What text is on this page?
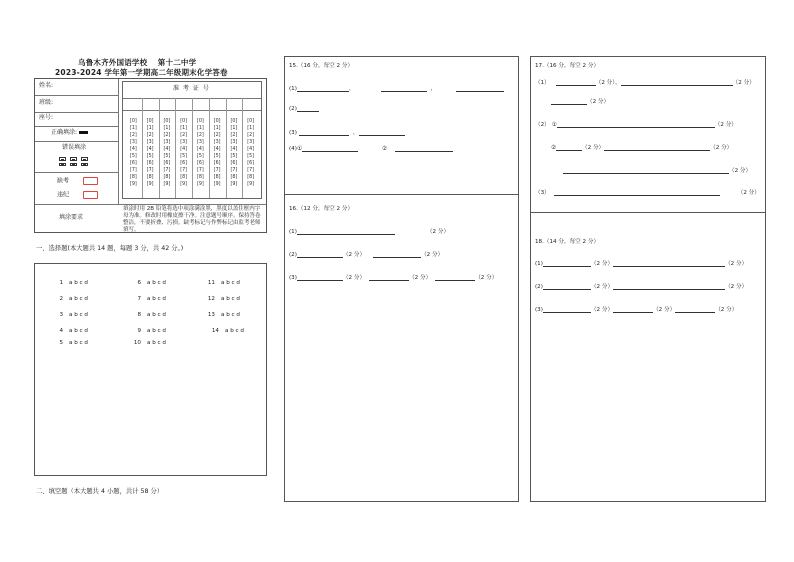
乌鲁木齐外国语学校　 第十二中学
2023-2024 学年第一学期高二年级期末化学答卷
姓名:
班级:
座号:
正确填涂:
错误填涂
缺考
违纪
填涂要求
填涂时用 2B 铅笔将选中项涂满涂黑，黑度以盖住框内字母为准。修改时用橡皮擦干净。注意题号顺序。保持答卷整洁，不要折叠、污损。缺考标记与作弊标记由监考老师填写。
准 考 证 号
[0]
[1]
[2]
[3]
[4]
[5]
[6]
[7]
[8]
[9]
[0]
[1]
[2]
[3]
[4]
[5]
[6]
[7]
[8]
[9]
[0]
[1]
[2]
[3]
[4]
[5]
[6]
[7]
[8]
[9]
[0]
[1]
[2]
[3]
[4]
[5]
[6]
[7]
[8]
[9]
[0]
[1]
[2]
[3]
[4]
[5]
[6]
[7]
[8]
[9]
[0]
[1]
[2]
[3]
[4]
[5]
[6]
[7]
[8]
[9]
[0]
[1]
[2]
[3]
[4]
[5]
[6]
[7]
[8]
[9]
[0]
[1]
[2]
[3]
[4]
[5]
[6]
[7]
[8]
[9]
一、选择题(本大题共 14 题，每题 3 分，共 42 分。)
1 a b c d
2 a b c d
3 a b c d
4 a b c d
5 a b c d
6 a b c d
7 a b c d
8 a b c d
9 a b c d
10 a b c d
11 a b c d
12 a b c d
13 a b c d
14 a b c d
二、填空题（本大题共 4 小题，共计 58 分）
15.（16 分，每空 2 分）
(1)	，	，
(2)
(3)	，
(4)①	②
16.（12 分，每空 2 分）
(1)	（2 分）
(2)	（2 分）	（2 分）
(3)	（2 分）	（2 分）	（2 分）
17.（16 分，每空 2 分）
（1）	（2 分），	（2 分）
（2 分）
（2） ①	（2 分）
②	（2 分）	（2 分）
（2 分）
（3）	（2 分）
18.（14 分，每空 2 分）
(1)	（2 分）	（2 分）
(2)	（2 分）	（2 分）
(3)	（2 分）	（2 分）	（2 分）
